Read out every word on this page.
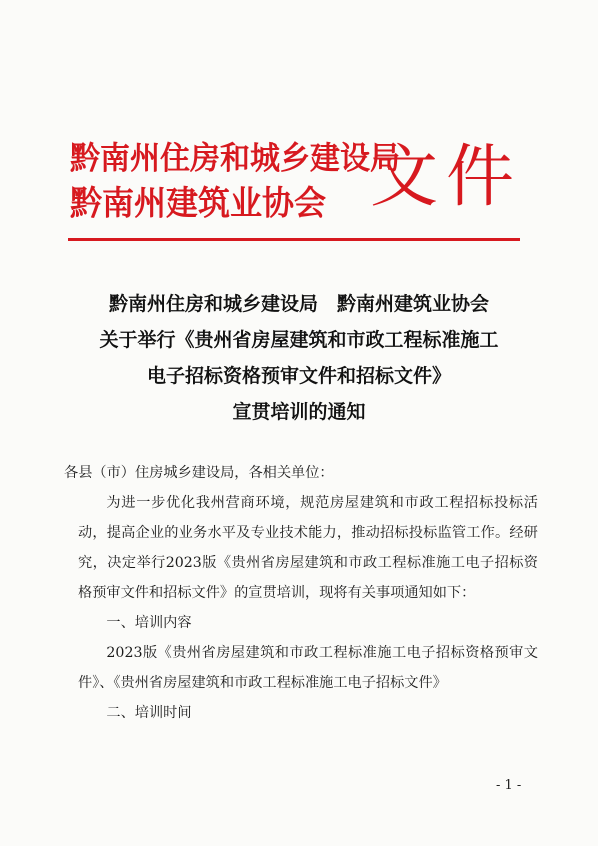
黔南州住房和城乡建设局
黔南州建筑业协会 文件
黔南州住房和城乡建设局　黔南州建筑业协会
关于举行《贵州省房屋建筑和市政工程标准施工
电子招标资格预审文件和招标文件》
宣贯培训的通知

各县（市）住房城乡建设局，各相关单位：

为进一步优化我州营商环境，规范房屋建筑和市政工程招标投标活动，提高企业的业务水平及专业技术能力，推动招标投标监管工作。经研究，决定举行2023版《贵州省房屋建筑和市政工程标准施工电子招标资格预审文件和招标文件》的宣贯培训，现将有关事项通知如下：

一、培训内容

2023版《贵州省房屋建筑和市政工程标准施工电子招标资格预审文件》、《贵州省房屋建筑和市政工程标准施工电子招标文件》

二、培训时间

- 1 -
